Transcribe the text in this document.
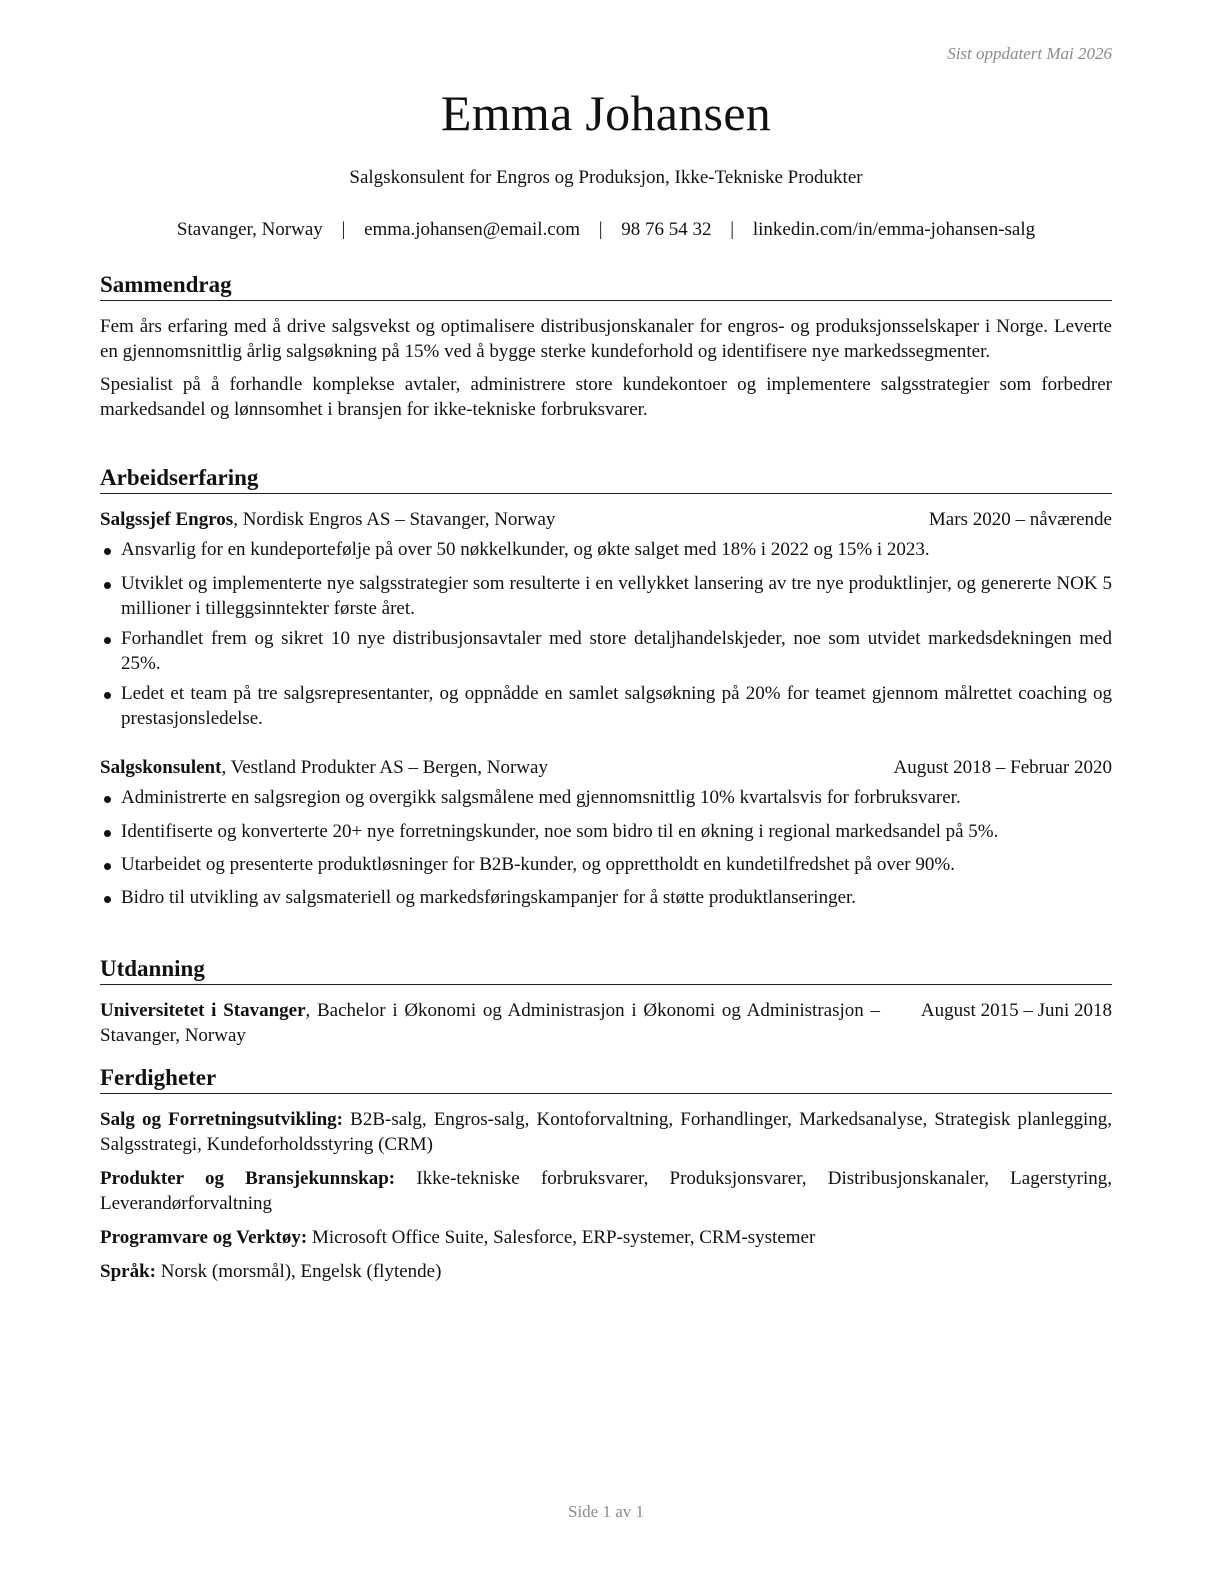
Sist oppdatert Mai 2026
Emma Johansen
Salgskonsulent for Engros og Produksjon, Ikke-Tekniske Produkter
Stavanger, Norway | emma.johansen@email.com | 98 76 54 32 | linkedin.com/in/emma-johansen-salg
Sammendrag

Fem års erfaring med å drive salgsvekst og optimalisere distribusjonskanaler for engros- og produksjonsselskaper i Norge. Leverte en gjennomsnittlig årlig salgsøkning på 15% ved å bygge sterke kundeforhold og identifisere nye markedssegmenter.

Spesialist på å forhandle komplekse avtaler, administrere store kundekontoer og implementere salgsstrategier som forbedrer markedsandel og lønnsomhet i bransjen for ikke-tekniske forbruksvarer.

Arbeidserfaring
Salgssjef Engros, Nordisk Engros AS – Stavanger, Norway	Mars 2020 – nåværende
Ansvarlig for en kundeportefølje på over 50 nøkkelkunder, og økte salget med 18% i 2022 og 15% i 2023.
Utviklet og implementerte nye salgsstrategier som resulterte i en vellykket lansering av tre nye produktlinjer, og genererte NOK 5 millioner i tilleggsinntekter første året.
Forhandlet frem og sikret 10 nye distribusjonsavtaler med store detaljhandelskjeder, noe som utvidet markedsdekningen med 25%.
Ledet et team på tre salgsrepresentanter, og oppnådde en samlet salgsøkning på 20% for teamet gjennom målrettet coaching og prestasjonsledelse.
Salgskonsulent, Vestland Produkter AS – Bergen, Norway	August 2018 – Februar 2020
Administrerte en salgsregion og overgikk salgsmålene med gjennomsnittlig 10% kvartalsvis for forbruksvarer.
Identifiserte og konverterte 20+ nye forretningskunder, noe som bidro til en økning i regional markedsandel på 5%.
Utarbeidet og presenterte produktløsninger for B2B-kunder, og opprettholdt en kundetilfredshet på over 90%.
Bidro til utvikling av salgsmateriell og markedsføringskampanjer for å støtte produktlanseringer.
Utdanning
Universitetet i Stavanger, Bachelor i Økonomi og Administrasjon i Økonomi og Administrasjon – Stavanger, Norway
August 2015 – Juni 2018
Ferdigheter

Salg og Forretningsutvikling: B2B-salg, Engros-salg, Kontoforvaltning, Forhandlinger, Markedsanalyse, Strategisk planlegging, Salgsstrategi, Kundeforholdsstyring (CRM)

Produkter og Bransjekunnskap: Ikke-tekniske forbruksvarer, Produksjonsvarer, Distribusjonskanaler, Lagerstyring, Leverandørforvaltning

Programvare og Verktøy: Microsoft Office Suite, Salesforce, ERP-systemer, CRM-systemer

Språk: Norsk (morsmål), Engelsk (flytende)

Side 1 av 1
